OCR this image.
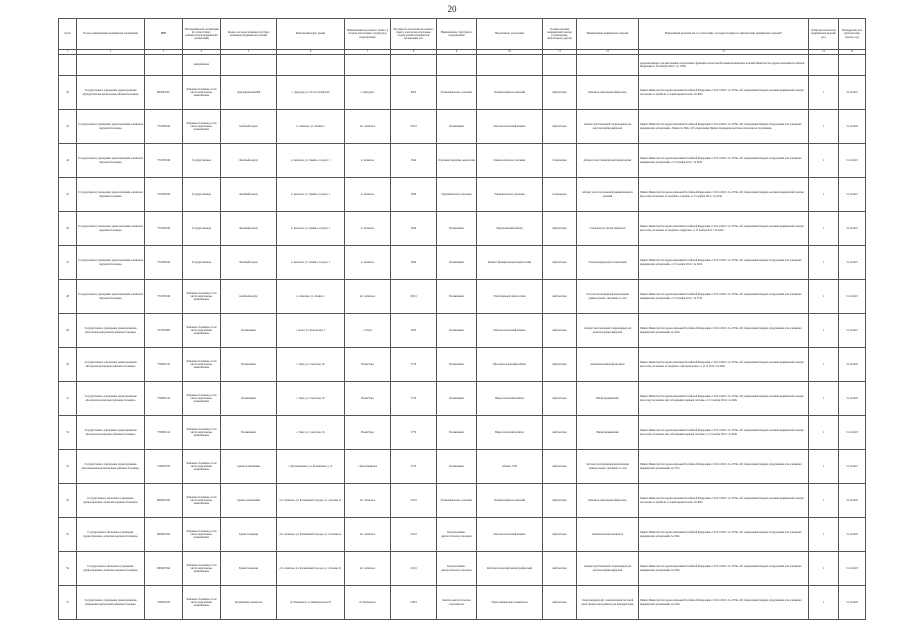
20
№п/п	Полное наименование медицинской организации	ИНН	Тип медицинской организации (в соответствии с номенклатурой медицинских организаций)	Здание, в котором размещается (будет размещено) медицинское изделие	Фактический адрес здания	Наименование населенного пункта, в котором расположено структурное подразделение	Численность населения населенного пункта, в котором расположено подразделение медицинской организации, чел.	Наименование структурного подразделения	Вид кабинета (отделения)	Условия оказания медицинской помощи (стационарная, амбулаторная, другая)	Наименование медицинского изделия	Нормативный правовой акт, в соответствии с которым планируется приобретение медицинского изделия*	Требуемое количество медицинских изделий (ед.)	Планируемая дата приобретения (месяц, год)
1	2	3	4	5	6	7	8	9	10	11	12	13	14	15
			межрайонные									предназначенную для выполнения определенных функций в целях приобретения медицинских изделий Министерство здравоохранения Российской Федерации от 28 октября 2020 г. № 1165н		
42	Государственное учреждение здравоохранения «Дульдургинская центральная районная больница»	8003003361	Районные больницы, в том числе центральные, межрайонные	Дульдургинская ЦРБ	с. Дульдурга ул. 50 лет октября 66	с. Дульдурга	8842	Поликлиническое отделение	Оториноларингологический	Амбулаторно	Ринометр, риноларингофиброскоп	Приказ Министерства здравоохранения Российской Федерации от 28.12.2020 г. № 1379н «Об утверждении Порядка оказания медицинской помощи населению по профилю «оториноларингология» № 905н	1	31.12.2021
43	Государственное учреждение здравоохранения «Агинская окружная больница»	7701003549	Районные больницы, в том числе центральные, межрайонные	лечебный корпус	п. Агинское, ул. Ленина 1	пгт. Агинское	18521	Поликлиника	Рентгенологический кабинет	Амбулаторно	Аппарат рентгеновский стационарный для рентгенографии цифровой	Приказ Министерства здравоохранения Российской Федерации от 28.12.2020 г. № 1379н «Об утверждении Порядка оборудования для оснащения медицинских организаций», Приказ № 560н «Об утверждении Правил проведения рентгенологических исследований»	1	31.12.2022
44	Государственное учреждение здравоохранения «Агинская окружная больница»	7701003549	Государственные	Лечебный корпус	п. Агинское, ул. Ленина, 1 корпус 1	п. Агинское	3644	Отделение хирургии, неврологии	Гинекологическое отделение	Стационарно	Аппарат искусственной вентиляции легких	Приказ Министерства здравоохранения Российской Федерации от 28.12.2020 г. № 1379н «Об утверждении Порядка оборудования для оснащения медицинских организаций» от 15 ноября 2012 г. № 919н	1	31.12.2021
45	Государственное учреждение здравоохранения «Агинская окружная больница»	7701003549	Государственные	Лечебный корпус	п. Агинское, ул. Ленина, 1 корпус 1	п. Агинское	3644	Терапевтическое отделение	Терапевтическое отделение	Стационарно	Аппарат для исследования функций внешнего дыхания	Приказ Министерства здравоохранения Российской Федерации от 28.12.2020 г. № 1379н «Об утверждении Порядка оказания медицинской помощи взрослому населению по профилю «терапия» от 15 ноября 2012 г. № 923н	1	31.12.2021
46	Государственное учреждение здравоохранения «Агинская окружная больница»	7701003549	Государственные	Лечебный корпус	п. Агинское, ул. Ленина, 1 корпус 1	п. Агинское	3644	Поликлиника	Хирургический кабинет	Амбулаторно	Стерилизатор для инструментов	Приказ Министерства здравоохранения Российской Федерации от 28.12.2020 г. № 1379н «Об утверждении Порядка оказания медицинской помощи взрослому населению по профилю «хирургия» от 15 ноября 2012 г. № 922н	1	31.12.2021
47	Государственное учреждение здравоохранения «Агинская окружная больница»	7701003549	Государственные	Лечебный корпус	п. Агинское, ул. Ленина, 1 корпус 1	п. Агинское	3644	Поликлиника	Кабинет функциональной диагностики	Амбулаторно	Электрокардиограф 12-канальный	Приказ Министерства здравоохранения Российской Федерации от 28.12.2020 г. № 1379н «Об утверждении Порядка оборудования для оснащения медицинских организаций» от 15 ноября 2012 г. № 918н	1	31.12.2021
48	Государственное учреждение здравоохранения «Агинская окружная больница»	7701003549	Районные больницы, в том числе центральные, межрайонные	лечебный корпус	п. Агинское, ул. Ленина 1	пгт. Агинское	18521	Поликлиника	Ультразвуковой диагностики	Амбулаторно	Система ультразвуковой визуализации универсальная с питанием от сети	Приказ Министерства здравоохранения Российской Федерации от 28.12.2020 г. № 1379н «Об утверждении Порядка оборудования для оснащения медицинских организаций» от 15 ноября 2012 г. № 572н	1	31.12.2021
49	Государственное учреждение здравоохранения «Калганская центральная районная больница»	7507001666	Районные больницы, в том числе центральные, межрайонные	Поликлиника	с. Калга, ул. Калганская, 3	с. Калга	3632	Поликлиника	Рентгенологический кабинет	Амбулаторно	Аппарат рентгеновский стационарный для рентгенографии цифровой	Приказ Министерства здравоохранения Российской Федерации от 28.12.2020 г. № 1379н «Об утверждении Порядка оборудования для оснащения медицинских организаций» № 560н	1	31.12.2021
50	Государственное учреждение здравоохранения «Каларская центральная районная больница»	7708002142	Районные больницы, в том числе центральные, межрайонные	Поликлиника	с. Чара, ул. Советская, 16	Новая Чара	5776	Поликлиника	Офтальмологический кабинет	Амбулаторно	Автоматический рефрактометр	Приказ Министерства здравоохранения Российской Федерации от 28.12.2020 г. № 1379н «Об утверждении Порядка оказания медицинской помощи взрослому населению по профилю «офтальмология» от 12.11.2012 г. № 902н	1	31.12.2023
51	Государственное учреждение здравоохранения «Каларская центральная районная больница»	7708002142	Районные больницы, в том числе центральные, межрайонные	Поликлиника	с. Чара, ул. Советская, 16	Новая Чара	5776	Поликлиника	Неврологический кабинет	Амбулаторно	Шкаф медицинский	Приказ Министерства здравоохранения Российской Федерации от 28.12.2020 г. № 1379н «Об утверждении Порядка оказания медицинской помощи взрослому населению при заболеваниях нервной системы» от 15 ноября 2012 г. № 926н	1	31.12.2023
52	Государственное учреждение здравоохранения «Каларская центральная районная больница»	7708002142	Районные больницы, в том числе центральные, межрайонные	Поликлиника	с. Чара, ул. Советская, 16	Новая Чара	5776	Поликлиника	Неврологический кабинет	Амбулаторно	Шкаф медицинский	Приказ Министерства здравоохранения Российской Федерации от 28.12.2020 г. № 1379н «Об утверждении Порядка оказания медицинской помощи взрослому населению при заболеваниях нервной системы» от 15 ноября 2012 г. № 926н	1	31.12.2023
53	Государственное учреждение здравоохранения «Краснокаменская центральная районная больница»	7530000706	Районные больницы, в том числе центральные, межрайонные	здание поликлиники	г. Краснокаменск, ул. Больничная, д. 12	г. Краснокаменск	5513	Поликлиника	кабинет УЗИ	Амбулаторно	Система ультразвуковой визуализации универсальная с питанием от сети	Приказ Министерства здравоохранения Российской Федерации от 28.12.2020 г. № 1379н «Об утверждении Порядка оборудования для оснащения медицинских организаций» № 557н	1	31.12.2021
54	Государственное автономное учреждение здравоохранения «Агинская окружная больница»	8000007944	Районные больницы, в том числе центральные, межрайонные	Здание поликлиники	пгт. Агинское, ул. Больничный городок, д.1 строение 21	пгт. Агинское	21541	Поликлиническое отделение	Оториноларингологический	Амбулаторно	Ринометр, риноларингофиброскоп	Приказ Министерства здравоохранения Российской Федерации от 28.12.2020 г. № 1379н «Об утверждении Порядка оказания медицинской помощи населению по профилю «оториноларингология» № 905н	1	31.12.2023
55	Государственное автономное учреждение здравоохранения «Агинская окружная больница»	8000007944	Районные больницы, в том числе центральные, межрайонные	Здание больницы	пгт. Агинское, ул. Больничный городок, д.1 строение 4а	пгт. Агинское	21541	Консультативно-диагностическое отделение	Рентгенологический кабинет	Амбулаторно	Автоматический анализатор	Приказ Министерства здравоохранения Российской Федерации от 28.12.2020 г. № 1379н «Об утверждении Порядка оборудования для оснащения медицинских организаций» № 560н	1	31.12.2023
56	Государственное автономное учреждение здравоохранения «Агинская окружная больница»	8000007944	Районные больницы, в том числе центральные, межрайонные	Здание больницы	пгт. Агинское, ул. Больничный городок, д.1 строение 21	пгт. Агинское	21541	Консультативно-диагностическое отделение	Рентгенологический маммографический	Амбулаторно	Аппарат рентгеновский стационарный для рентгенографии цифровой	Приказ Министерства здравоохранения Российской Федерации от 28.12.2020 г. № 1379н «Об утверждении Порядка оборудования для оснащения медицинских организаций» № 560н	1	31.12.2023
57	Государственное учреждение здравоохранения «Карымская центральная районная больница»	7508002430	Районные больницы, в том числе центральные, межрайонные	Поликлиника здание №2	пгт Карымское, ул.Ленинградская 22	пгт Карымское	12823	Лечебно-диагностическое отделение №2	Узкие клинические специалисты	Амбулаторно	Электрокардиограф с компьютерной системой регистрации и программой для интерпретации	Приказ Министерства здравоохранения Российской Федерации от 28.12.2020 г. № 1379н «Об утверждении Порядка оборудования для оснащения медицинских организаций» № 918н	1	31.12.2024
